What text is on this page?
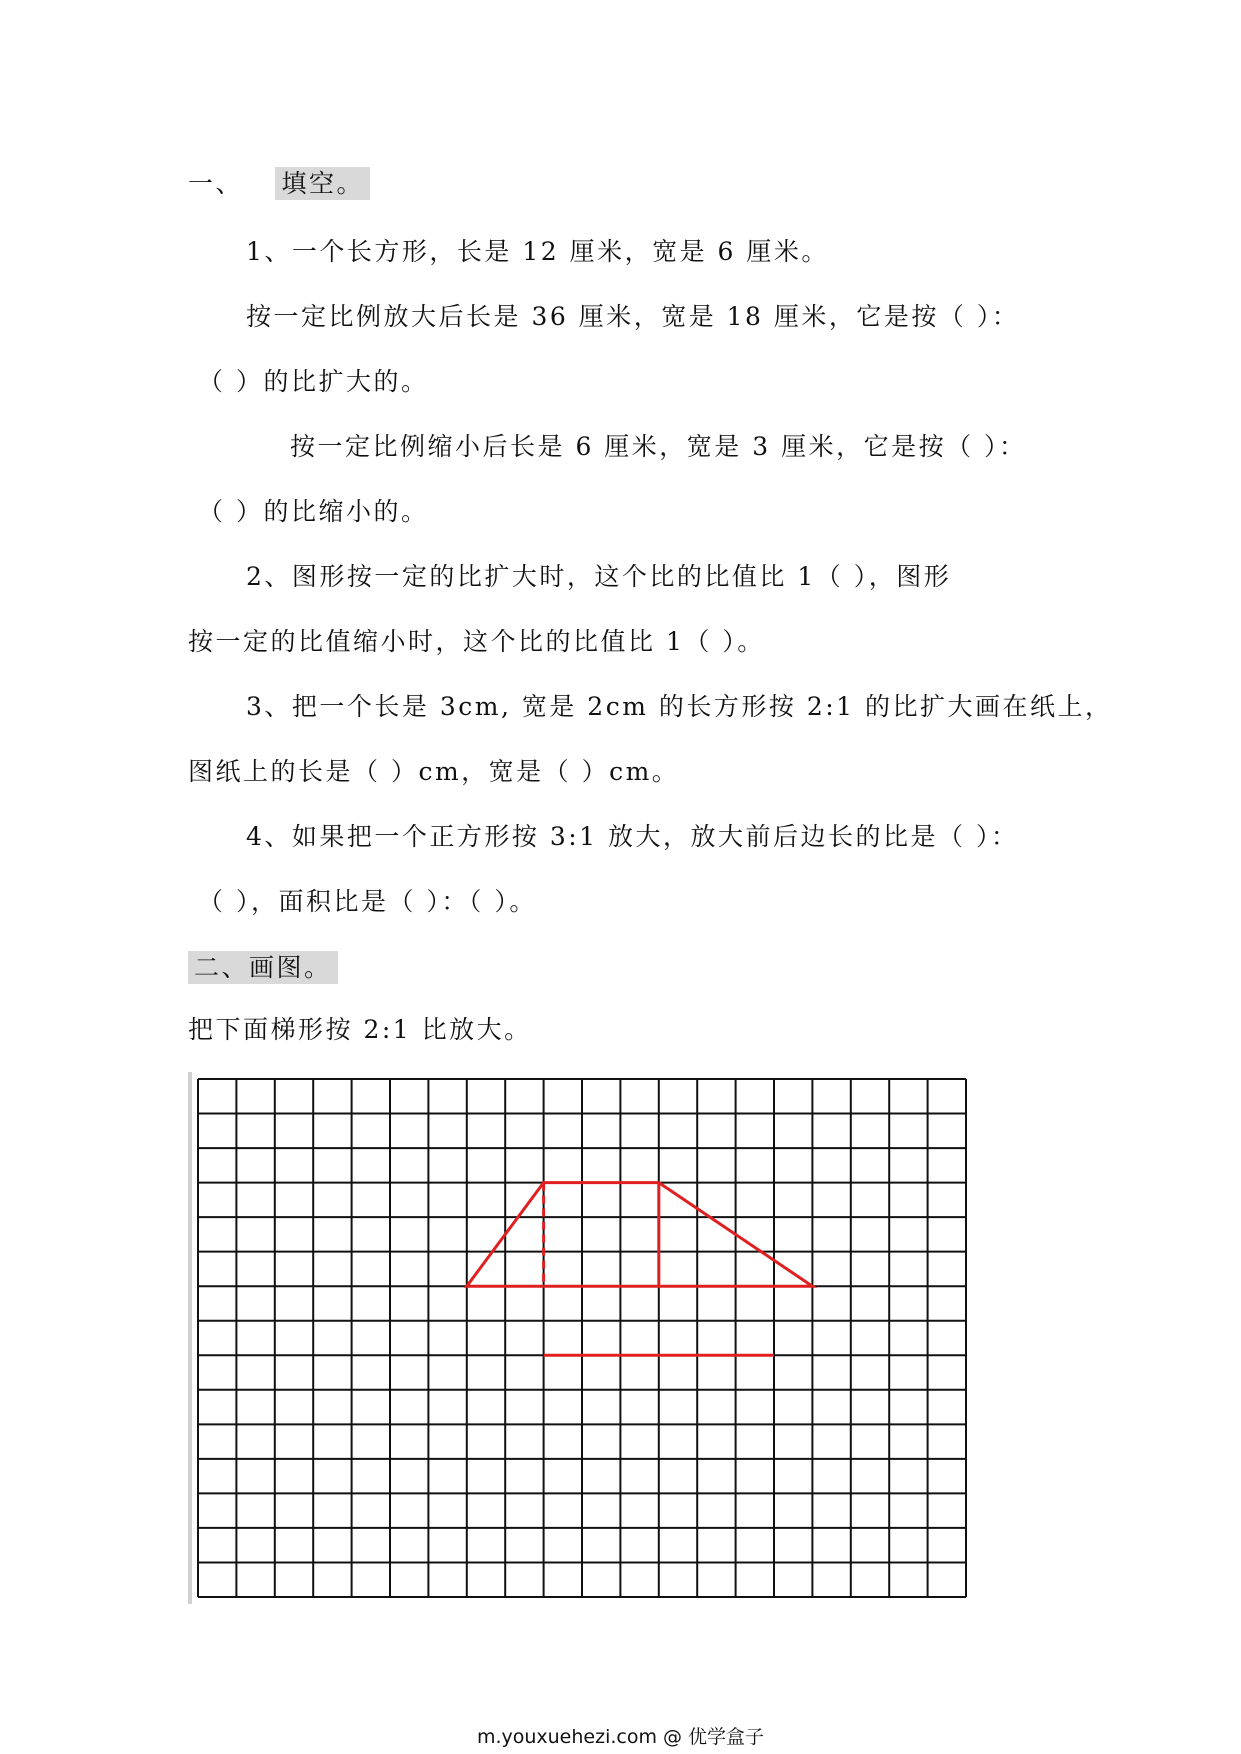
一、 填空。
1、一个长方形，长是 12 厘米，宽是 6 厘米。
按一定比例放大后长是 36 厘米，宽是 18 厘米，它是按（ ）：
（ ）的比扩大的。
按一定比例缩小后长是 6 厘米，宽是 3 厘米，它是按（ ）：
（ ）的比缩小的。
2、图形按一定的比扩大时，这个比的比值比 1（ ），图形
按一定的比值缩小时，这个比的比值比 1（ ）。
3、把一个长是 3cm, 宽是 2cm 的长方形按 2:1 的比扩大画在纸上，
图纸上的长是（ ）cm，宽是（ ）cm。
4、如果把一个正方形按 3:1 放大，放大前后边长的比是（ ）：
（ ），面积比是（ ）：（ ）。
二、画图。
把下面梯形按 2:1 比放大。
m.youxuehezi.com @ 优学盒子
